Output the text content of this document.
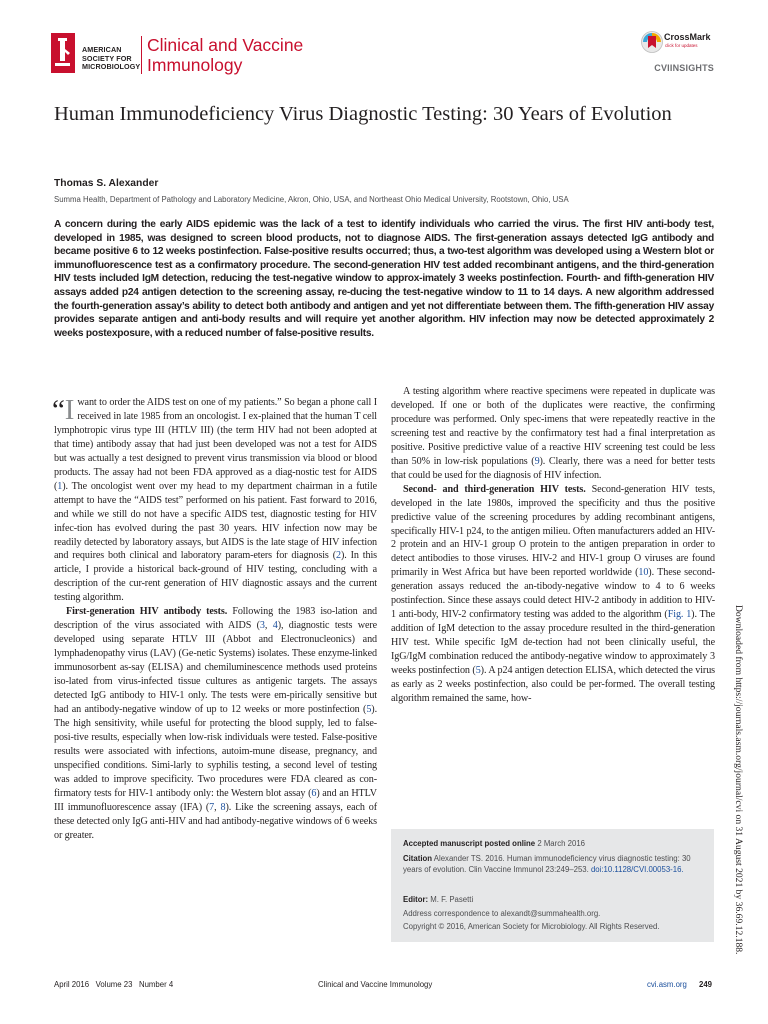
AMERICAN
SOCIETY FOR
MICROBIOLOGY
Clinical and Vaccine
Immunology
CrossMark
click for updates
CVIINSIGHTS
Human Immunodeficiency Virus Diagnostic Testing: 30 Years of Evolution
Thomas S. Alexander
Summa Health, Department of Pathology and Laboratory Medicine, Akron, Ohio, USA, and Northeast Ohio Medical University, Rootstown, Ohio, USA
A concern during the early AIDS epidemic was the lack of a test to identify individuals who carried the virus. The first HIV anti-body test, developed in 1985, was designed to screen blood products, not to diagnose AIDS. The first-generation assays detected IgG antibody and became positive 6 to 12 weeks postinfection. False-positive results occurred; thus, a two-test algorithm was developed using a Western blot or immunofluorescence test as a confirmatory procedure. The second-generation HIV test added recombinant antigens, and the third-generation HIV tests included IgM detection, reducing the test-negative window to approx-imately 3 weeks postinfection. Fourth- and fifth-generation HIV assays added p24 antigen detection to the screening assay, re-ducing the test-negative window to 11 to 14 days. A new algorithm addressed the fourth-generation assay’s ability to detect both antibody and antigen and yet not differentiate between them. The fifth-generation HIV assay provides separate antigen and anti-body results and will require yet another algorithm. HIV infection may now be detected approximately 2 weeks postexposure, with a reduced number of false-positive results.

“I want to order the AIDS test on one of my patients.” So began a phone call I received in late 1985 from an oncologist. I ex-plained that the human T cell lymphotropic virus type III (HTLV III) (the term HIV had not been adopted at that time) antibody assay that had just been developed was not a test for AIDS but was actually a test designed to prevent virus transmission via blood or blood products. The assay had not been FDA approved as a diag-nostic test for AIDS (1). The oncologist went over my head to my department chairman in a futile attempt to have the “AIDS test” performed on his patient. Fast forward to 2016, and while we still do not have a specific AIDS test, diagnostic testing for HIV infec-tion has evolved during the past 30 years. HIV infection now may be readily detected by laboratory assays, but AIDS is the late stage of HIV infection and requires both clinical and laboratory param-eters for diagnosis (2). In this article, I provide a historical back-ground of HIV testing, concluding with a description of the cur-rent generation of HIV diagnostic assays and the current testing algorithm.

First-generation HIV antibody tests. Following the 1983 iso-lation and description of the virus associated with AIDS (3, 4), diagnostic tests were developed using separate HTLV III (Abbot and Electronucleonics) and lymphadenopathy virus (LAV) (Ge-netic Systems) isolates. These enzyme-linked immunosorbent as-say (ELISA) and chemiluminescence methods used proteins iso-lated from virus-infected tissue cultures as antigenic targets. The assays detected IgG antibody to HIV-1 only. The tests were em-pirically sensitive but had an antibody-negative window of up to 12 weeks or more postinfection (5). The high sensitivity, while useful for protecting the blood supply, led to false-posi-tive results, especially when low-risk individuals were tested. False-positive results were associated with infections, autoim-mune disease, pregnancy, and unspecified conditions. Simi-larly to syphilis testing, a second level of testing was added to improve specificity. Two procedures were FDA cleared as con-firmatory tests for HIV-1 antibody only: the Western blot assay (6) and an HTLV III immunofluorescence assay (IFA) (7, 8). Like the screening assays, each of these detected only IgG anti-HIV and had antibody-negative windows of 6 weeks or greater.

A testing algorithm where reactive specimens were repeated in duplicate was developed. If one or both of the duplicates were reactive, the confirming procedure was performed. Only spec-imens that were repeatedly reactive in the screening test and reactive by the confirmatory test had a final interpretation as positive. Positive predictive value of a reactive HIV screening test could be less than 50% in low-risk populations (9). Clearly, there was a need for better tests that could be used for the diagnosis of HIV infection.

Second- and third-generation HIV tests. Second-generation HIV tests, developed in the late 1980s, improved the specificity and thus the positive predictive value of the screening procedures by adding recombinant antigens, specifically HIV-1 p24, to the antigen milieu. Often manufacturers added an HIV-2 protein and an HIV-1 group O protein to the antigen preparation in order to detect antibodies to those viruses. HIV-2 and HIV-1 group O viruses are found primarily in West Africa but have been reported worldwide (10). These second-generation assays reduced the an-tibody-negative window to 4 to 6 weeks postinfection. Since these assays could detect HIV-2 antibody in addition to HIV-1 anti-body, HIV-2 confirmatory testing was added to the algorithm (Fig. 1). The addition of IgM detection to the assay procedure resulted in the third-generation HIV test. While specific IgM de-tection had not been clinically useful, the IgG/IgM combination reduced the antibody-negative window to approximately 3 weeks postinfection (5). A p24 antigen detection ELISA, which detected the virus as early as 2 weeks postinfection, also could be per-formed. The overall testing algorithm remained the same, how-

Accepted manuscript posted online 2 March 2016
Citation Alexander TS. 2016. Human immunodeficiency virus diagnostic testing: 30 years of evolution. Clin Vaccine Immunol 23:249–253. doi:10.1128/CVI.00053-16.
Editor: M. F. Pasetti
Address correspondence to alexandt@summahealth.org.
Copyright © 2016, American Society for Microbiology. All Rights Reserved.
April 2016   Volume 23   Number 4	Clinical and Vaccine Immunology	cvi.asm.org 249
Downloaded from https://journals.asm.org/journal/cvi on 31 August 2021 by 36.69.12.188.
